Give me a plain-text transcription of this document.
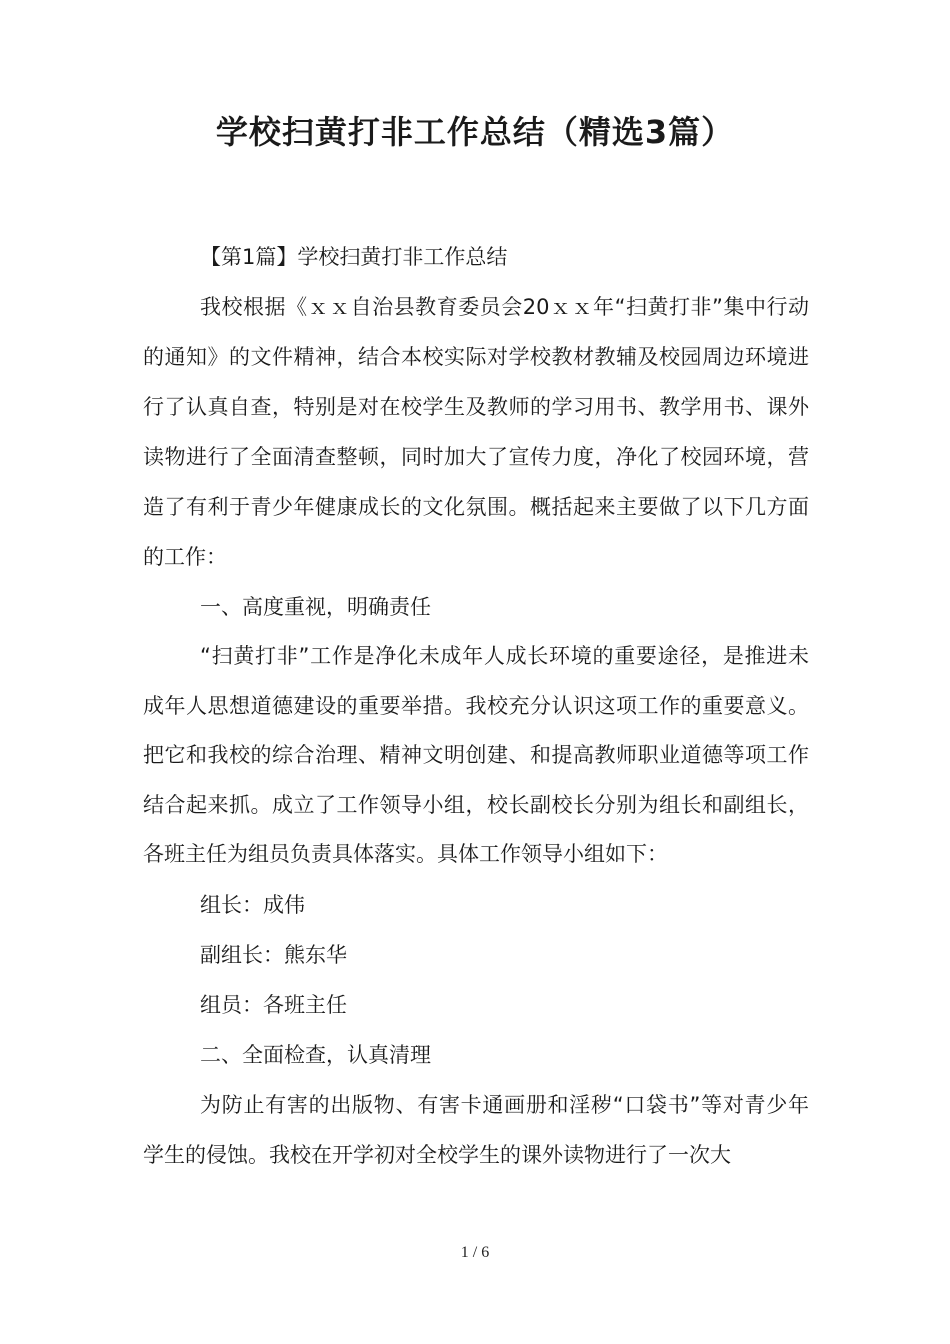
学校扫黄打非工作总结（精选3篇）

【第1篇】学校扫黄打非工作总结

我校根据《ｘｘ自治县教育委员会20ｘｘ年“扫黄打非”集中行动的通知》的文件精神，结合本校实际对学校教材教辅及校园周边环境进行了认真自查，特别是对在校学生及教师的学习用书、教学用书、课外读物进行了全面清查整顿，同时加大了宣传力度，净化了校园环境，营造了有利于青少年健康成长的文化氛围。概括起来主要做了以下几方面的工作：

一、高度重视，明确责任

“扫黄打非”工作是净化未成年人成长环境的重要途径，是推进未成年人思想道德建设的重要举措。我校充分认识这项工作的重要意义。把它和我校的综合治理、精神文明创建、和提高教师职业道德等项工作结合起来抓。成立了工作领导小组，校长副校长分别为组长和副组长，各班主任为组员负责具体落实。具体工作领导小组如下：

组长：成伟

副组长：熊东华

组员：各班主任

二、全面检查，认真清理

为防止有害的出版物、有害卡通画册和淫秽“口袋书”等对青少年学生的侵蚀。我校在开学初对全校学生的课外读物进行了一次大

1 / 6
